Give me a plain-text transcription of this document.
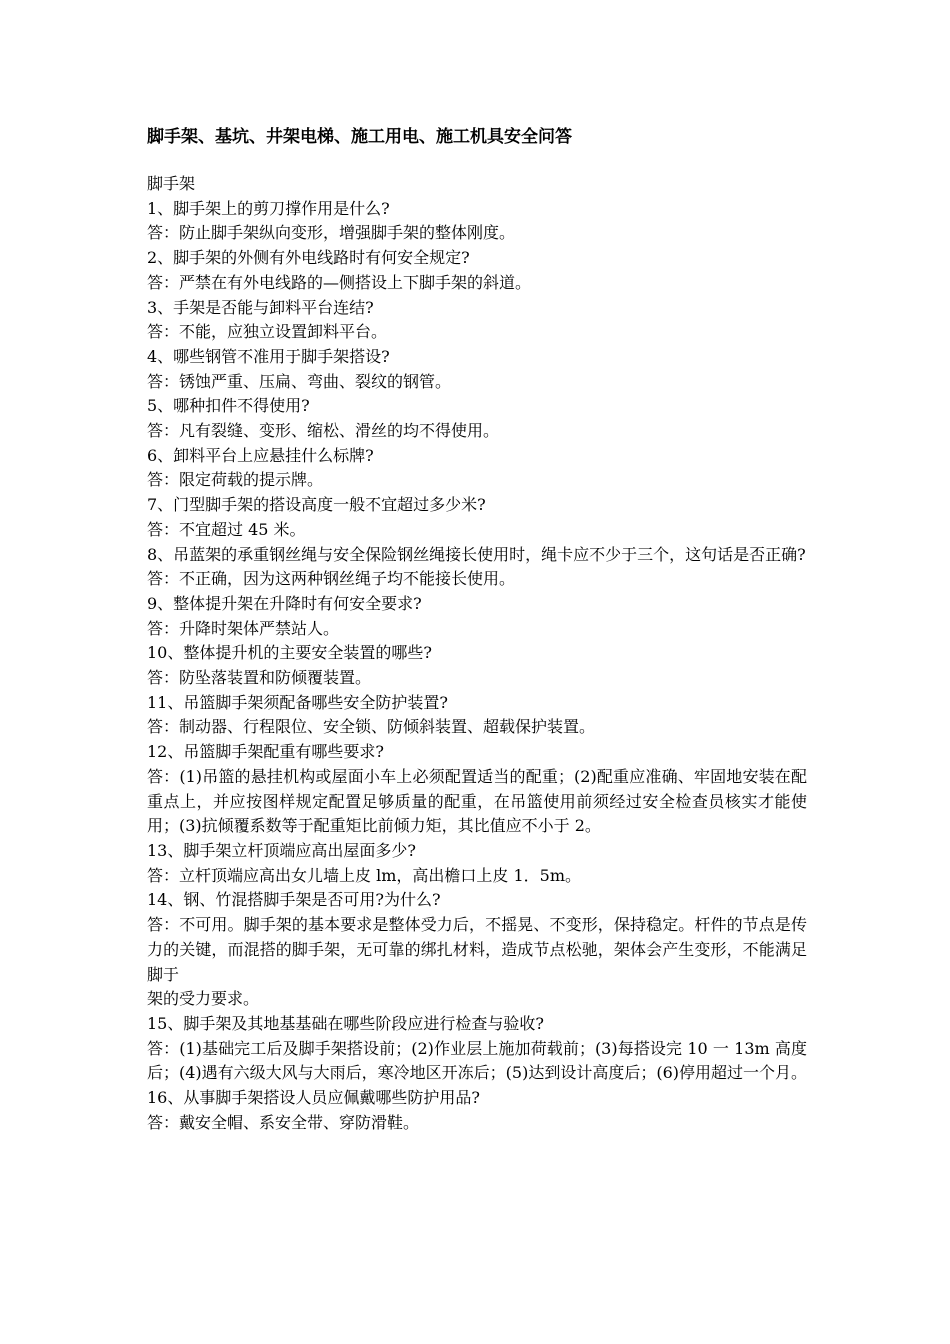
脚手架、基坑、井架电梯、施工用电、施工机具安全问答

脚手架

1、脚手架上的剪刀撑作用是什么?

答：防止脚手架纵向变形，增强脚手架的整体刚度。

2、脚手架的外侧有外电线路时有何安全规定?

答：严禁在有外电线路的—侧搭设上下脚手架的斜道。

3、手架是否能与卸料平台连结?

答：不能，应独立设置卸料平台。

4、哪些钢管不准用于脚手架搭设?

答：锈蚀严重、压扁、弯曲、裂纹的钢管。

5、哪种扣件不得使用?

答：凡有裂缝、变形、缩松、滑丝的均不得使用。

6、卸料平台上应悬挂什么标牌?

答：限定荷载的提示牌。

7、门型脚手架的搭设高度一般不宜超过多少米?

答：不宜超过 45 米。

8、吊蓝架的承重钢丝绳与安全保险钢丝绳接长使用时，绳卡应不少于三个，这句话是否正确?

答：不正确，因为这两种钢丝绳子均不能接长使用。

9、整体提升架在升降时有何安全要求?

答：升降时架体严禁站人。

10、整体提升机的主要安全装置的哪些?

答：防坠落装置和防倾覆装置。

11、吊篮脚手架须配备哪些安全防护装置?

答：制动器、行程限位、安全锁、防倾斜装置、超载保护装置。

12、吊篮脚手架配重有哪些要求?

答：(1)吊篮的悬挂机构或屋面小车上必须配置适当的配重；(2)配重应准确、牢固地安装在配重点上，并应按图样规定配置足够质量的配重，在吊篮使用前须经过安全检查员核实才能使用；(3)抗倾覆系数等于配重矩比前倾力矩，其比值应不小于 2。

13、脚手架立杆顶端应高出屋面多少?

答：立杆顶端应高出女儿墙上皮 lm，高出檐口上皮 1．5m。

14、钢、竹混搭脚手架是否可用?为什么?

答：不可用。脚手架的基本要求是整体受力后，不摇晃、不变形，保持稳定。杆件的节点是传力的关键，而混搭的脚手架，无可靠的绑扎材料，造成节点松驰，架体会产生变形，不能满足脚于

架的受力要求。

15、脚手架及其地基基础在哪些阶段应进行检查与验收?

答：(1)基础完工后及脚手架搭设前；(2)作业层上施加荷载前；(3)每搭设完 10 一 13m 高度后；(4)遇有六级大风与大雨后，寒冷地区开冻后；(5)达到设计高度后；(6)停用超过一个月。

16、从事脚手架搭设人员应佩戴哪些防护用品?

答：戴安全帽、系安全带、穿防滑鞋。
